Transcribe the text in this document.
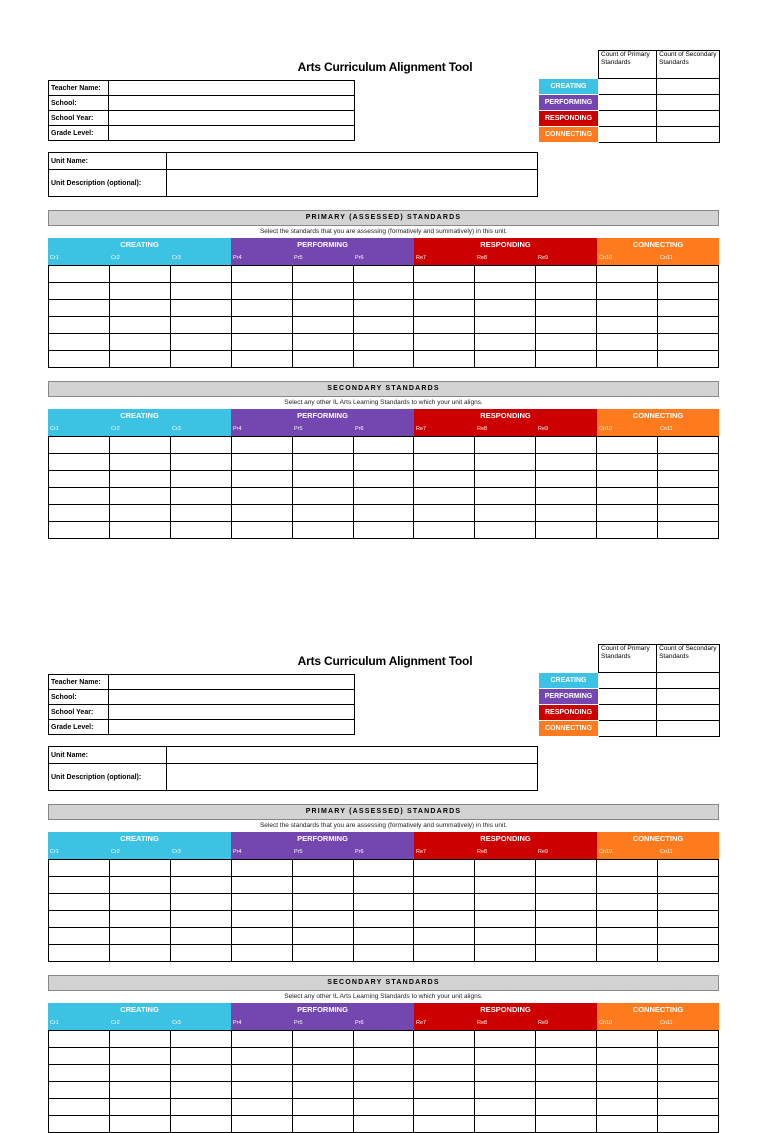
Arts Curriculum Alignment Tool
Teacher Name:	
School:	
School Year:	
Grade Level:	
	Count of Primary Standards	Count of Secondary Standards
CREATING		
PERFORMING		
RESPONDING		
CONNECTING		
Unit Name:	
Unit Description (optional):	
PRIMARY (ASSESSED) STANDARDS
Select the standards that you are assessing (formatively and summatively) in this unit.
CREATING	PERFORMING	RESPONDING	CONNECTING
Cr1	Cr2	Cr3	Pr4	Pr5	Pr6	Re7	Re8	Re9	Cn10	Cn11

SECONDARY STANDARDS
Select any other IL Arts Learning Standards to which your unit aligns.
CREATING	PERFORMING	RESPONDING	CONNECTING
Cr1	Cr2	Cr3	Pr4	Pr5	Pr6	Re7	Re8	Re9	Cn10	Cn11

Arts Curriculum Alignment Tool
Teacher Name:	
School:	
School Year:	
Grade Level:	
	Count of Primary Standards	Count of Secondary Standards
CREATING		
PERFORMING		
RESPONDING		
CONNECTING		
Unit Name:	
Unit Description (optional):	
PRIMARY (ASSESSED) STANDARDS
Select the standards that you are assessing (formatively and summatively) in this unit.
CREATING	PERFORMING	RESPONDING	CONNECTING
Cr1	Cr2	Cr3	Pr4	Pr5	Pr6	Re7	Re8	Re9	Cn10	Cn11

SECONDARY STANDARDS
Select any other IL Arts Learning Standards to which your unit aligns.
CREATING	PERFORMING	RESPONDING	CONNECTING
Cr1	Cr2	Cr3	Pr4	Pr5	Pr6	Re7	Re8	Re9	Cn10	Cn11
